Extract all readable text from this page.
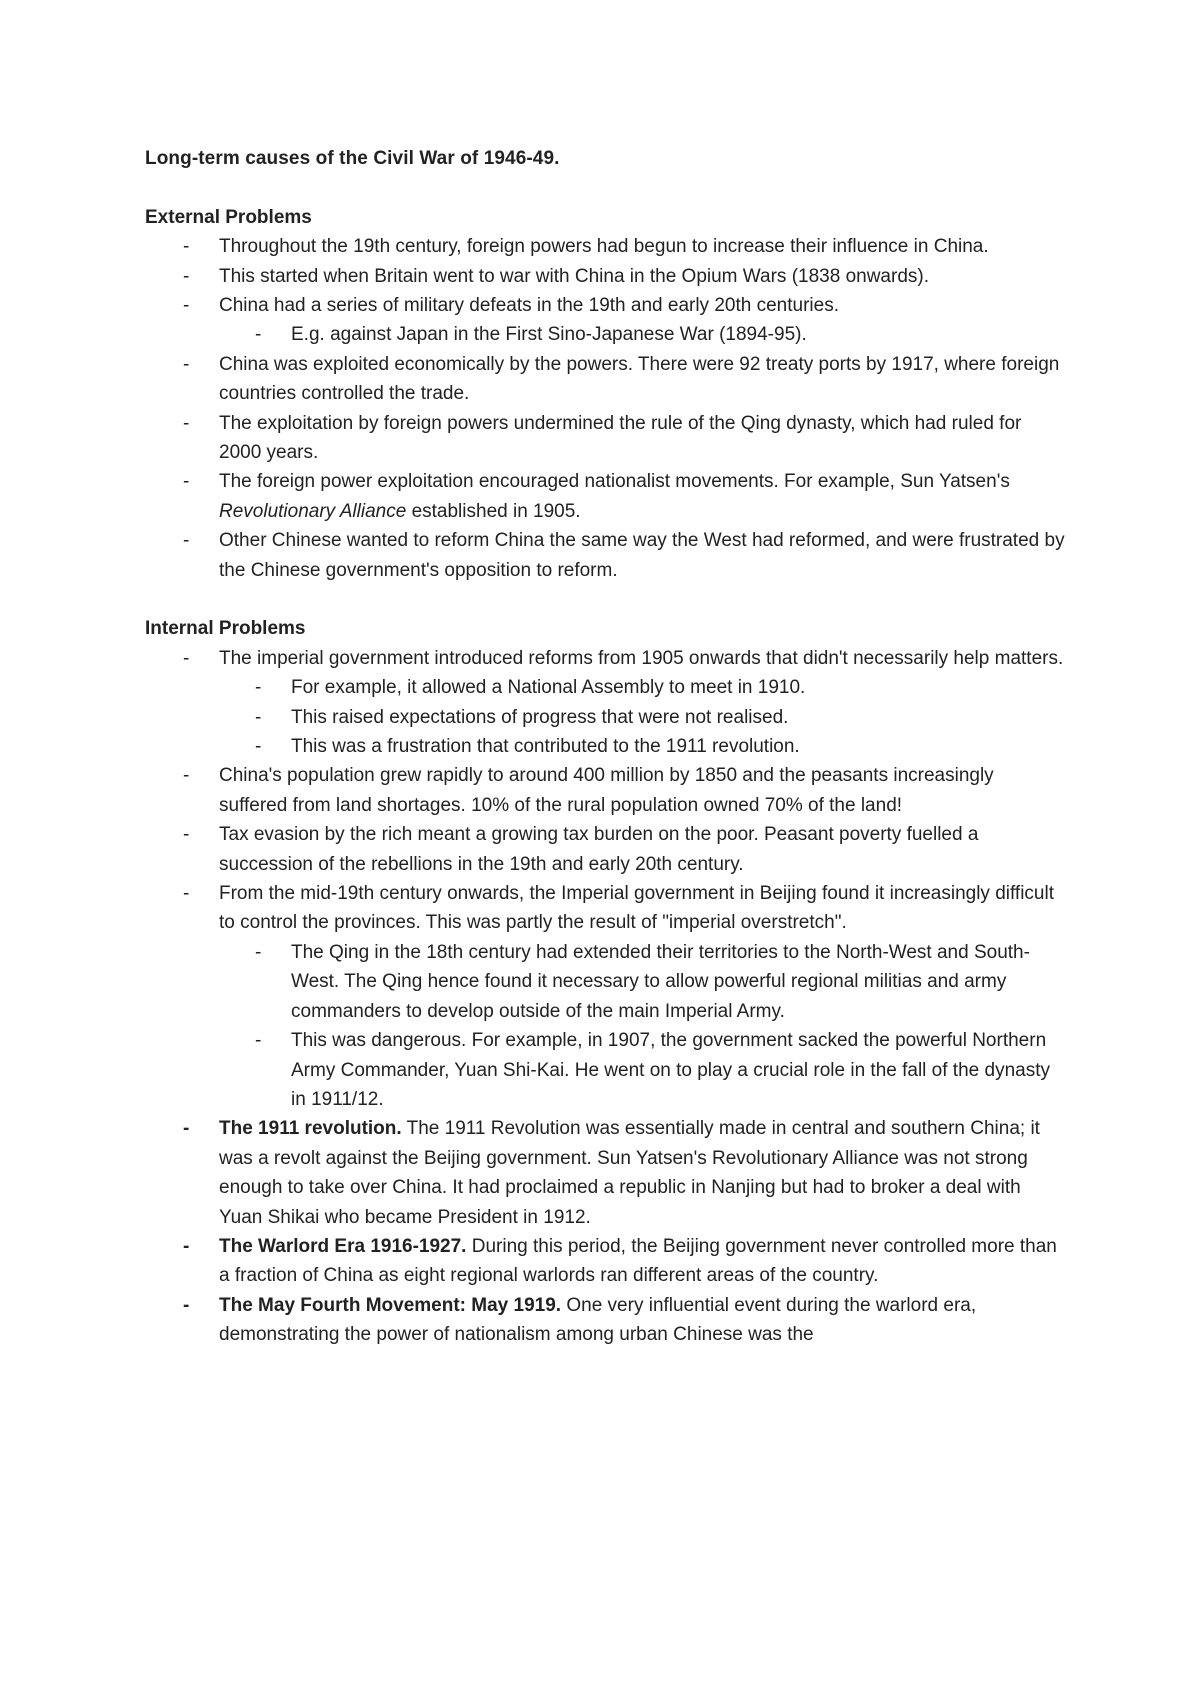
Long-term causes of the Civil War of 1946-49.
External Problems
- Throughout the 19th century, foreign powers had begun to increase their influence in China.
- This started when Britain went to war with China in the Opium Wars (1838 onwards).
- China had a series of military defeats in the 19th and early 20th centuries.
- E.g. against Japan in the First Sino-Japanese War (1894-95).
- China was exploited economically by the powers. There were 92 treaty ports by 1917, where foreign countries controlled the trade.
- The exploitation by foreign powers undermined the rule of the Qing dynasty, which had ruled for 2000 years.
- The foreign power exploitation encouraged nationalist movements. For example, Sun Yatsen's Revolutionary Alliance established in 1905.
- Other Chinese wanted to reform China the same way the West had reformed, and were frustrated by the Chinese government's opposition to reform.
Internal Problems
- The imperial government introduced reforms from 1905 onwards that didn't necessarily help matters.
- For example, it allowed a National Assembly to meet in 1910.
- This raised expectations of progress that were not realised.
- This was a frustration that contributed to the 1911 revolution.
- China's population grew rapidly to around 400 million by 1850 and the peasants increasingly suffered from land shortages. 10% of the rural population owned 70% of the land!
- Tax evasion by the rich meant a growing tax burden on the poor. Peasant poverty fuelled a succession of the rebellions in the 19th and early 20th century.
- From the mid-19th century onwards, the Imperial government in Beijing found it increasingly difficult to control the provinces. This was partly the result of "imperial overstretch".
- The Qing in the 18th century had extended their territories to the North-West and South-West. The Qing hence found it necessary to allow powerful regional militias and army commanders to develop outside of the main Imperial Army.
- This was dangerous. For example, in 1907, the government sacked the powerful Northern Army Commander, Yuan Shi-Kai. He went on to play a crucial role in the fall of the dynasty in 1911/12.
- The 1911 revolution. The 1911 Revolution was essentially made in central and southern China; it was a revolt against the Beijing government. Sun Yatsen's Revolutionary Alliance was not strong enough to take over China. It had proclaimed a republic in Nanjing but had to broker a deal with Yuan Shikai who became President in 1912.
- The Warlord Era 1916-1927. During this period, the Beijing government never controlled more than a fraction of China as eight regional warlords ran different areas of the country.
- The May Fourth Movement: May 1919. One very influential event during the warlord era, demonstrating the power of nationalism among urban Chinese was the
